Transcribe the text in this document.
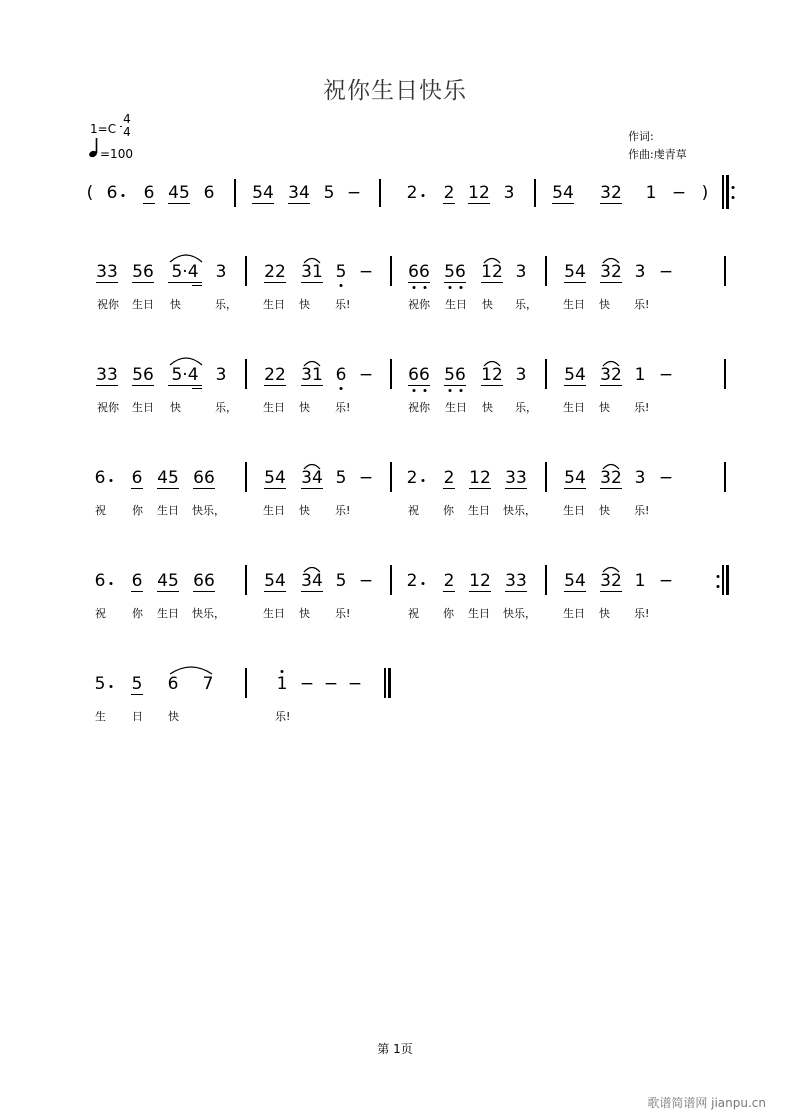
祝你生日快乐
1=C
4
4
=100
作词:
作曲:虔青草
( 6 6 45 6 54 34 5 −	2 2 12 3 54 32 1 − )
33 56 5·4 3 22 31 5 − 66 56 12 3 54 32 3 −
祝你 生日 快	乐， 生日 快 乐!	祝你 生日 快 乐， 生日 快 乐!
33 56 5·4 3 22 31 6 − 66 56 12 3 54 32 1 −
祝你 生日 快	乐， 生日 快 乐!	祝你 生日 快 乐， 生日 快 乐!
6 6 45 66	54 34 5 − 2 2 12 33 54 32 3 −
祝 你 生日 快乐，	生日 快 乐!	祝 你 生日 快乐， 生日 快 乐!
6 6 45 66	54 34 5 − 2 2 12 33 54 32 1 −
祝 你 生日 快乐，	生日 快 乐!	祝 你 生日 快乐， 生日 快 乐!
5 5 6 7	1 − − −
生 日 快	乐!
第 1页
歌谱简谱网 jianpu.cn
